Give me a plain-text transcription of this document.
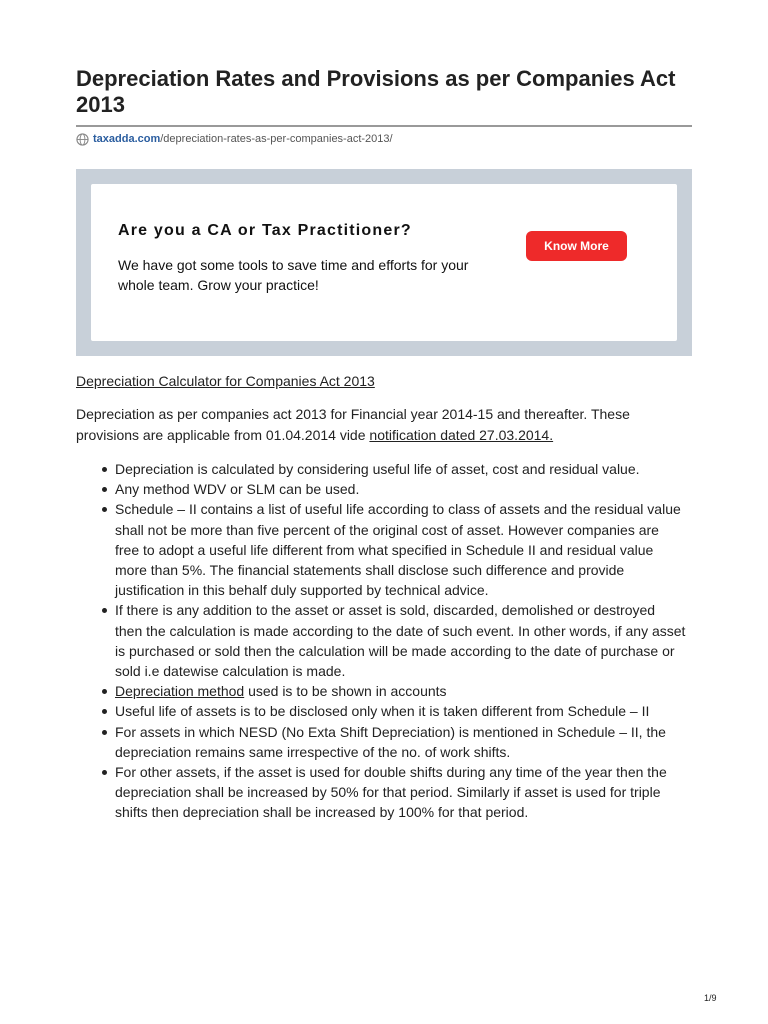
Depreciation Rates and Provisions as per Companies Act 2013
taxadda.com /depreciation-rates-as-per-companies-act-2013/
Are you a CA or Tax Practitioner?
We have got some tools to save time and efforts for your whole team. Grow your practice!
Know More
Depreciation Calculator for Companies Act 2013

Depreciation as per companies act 2013 for Financial year 2014-15 and thereafter. These provisions are applicable from 01.04.2014 vide notification dated 27.03.2014.

Depreciation is calculated by considering useful life of asset, cost and residual value.
Any method WDV or SLM can be used.
Schedule – II contains a list of useful life according to class of assets and the residual value shall not be more than five percent of the original cost of asset. However companies are free to adopt a useful life different from what specified in Schedule II and residual value more than 5%. The financial statements shall disclose such difference and provide justification in this behalf duly supported by technical advice.
If there is any addition to the asset or asset is sold, discarded, demolished or destroyed then the calculation is made according to the date of such event. In other words, if any asset is purchased or sold then the calculation will be made according to the date of purchase or sold i.e datewise calculation is made.
Depreciation method used is to be shown in accounts
Useful life of assets is to be disclosed only when it is taken different from Schedule – II
For assets in which NESD (No Exta Shift Depreciation) is mentioned in Schedule – II, the depreciation remains same irrespective of the no. of work shifts.
For other assets, if the asset is used for double shifts during any time of the year then the depreciation shall be increased by 50% for that period. Similarly if asset is used for triple shifts then depreciation shall be increased by 100% for that period.
1/9
